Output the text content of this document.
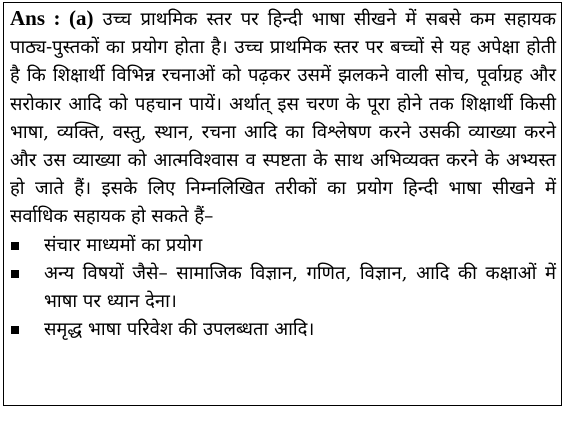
Ans : (a) उच्च प्राथमिक स्तर पर हिन्दी भाषा सीखने में सबसे कम सहायक पाठ्य-पुस्तकों का प्रयोग होता है। उच्च प्राथमिक स्तर पर बच्चों से यह अपेक्षा होती है कि शिक्षार्थी विभिन्न रचनाओं को पढ़कर उसमें झलकने वाली सोच, पूर्वाग्रह और सरोकार आदि को पहचान पायें। अर्थात् इस चरण के पूरा होने तक शिक्षार्थी किसी भाषा, व्यक्ति, वस्तु, स्थान, रचना आदि का विश्लेषण करने उसकी व्याख्या करने और उस व्याख्या को आत्मविश्वास व स्पष्टता के साथ अभिव्यक्त करने के अभ्यस्त हो जाते हैं। इसके लिए निम्नलिखित तरीकों का प्रयोग हिन्दी भाषा सीखने में सर्वाधिक सहायक हो सकते हैं–

संचार माध्यमों का प्रयोग
अन्य विषयों जैसे– सामाजिक विज्ञान, गणित, विज्ञान, आदि की कक्षाओं में भाषा पर ध्यान देना।
समृद्ध भाषा परिवेश की उपलब्धता आदि।
